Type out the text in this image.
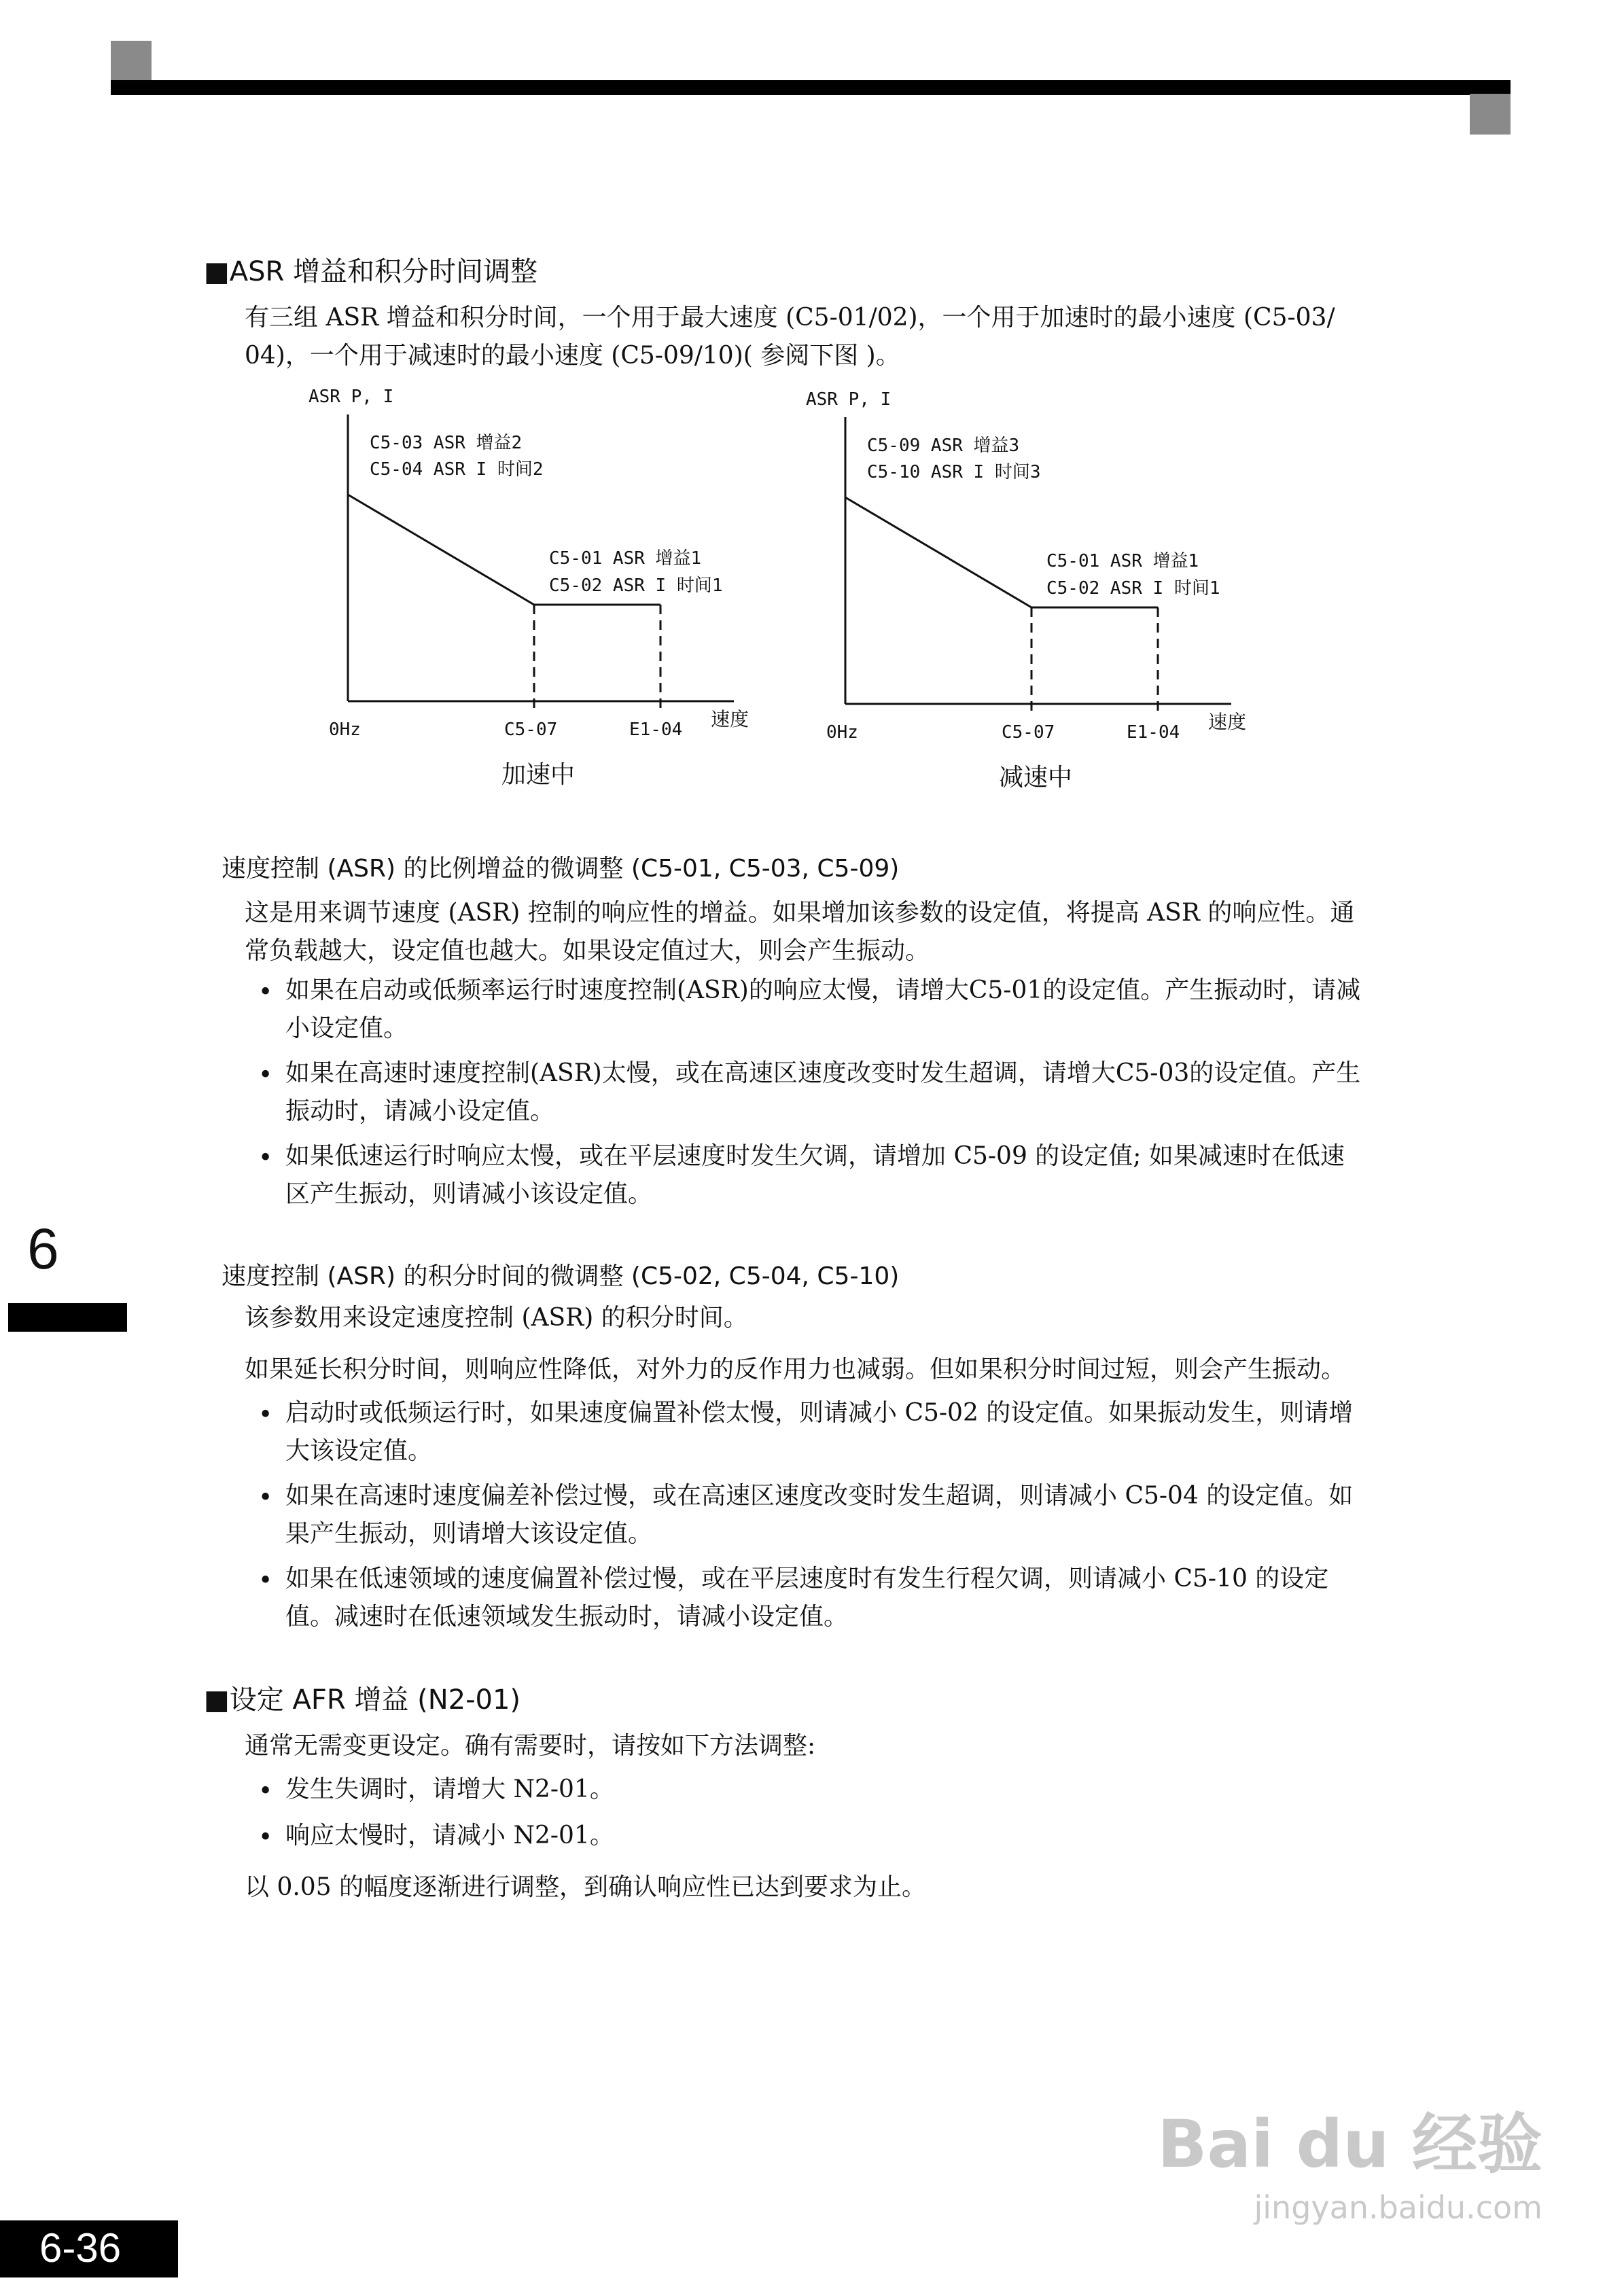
■ASR 增益和积分时间调整
有三组 ASR 增益和积分时间，一个用于最大速度 (C5-01/02)，一个用于加速时的最小速度 (C5-03/
04)，一个用于减速时的最小速度 (C5-09/10)( 参阅下图 )。
ASR P, I
C5-03 ASR 增益2
C5-04 ASR I 时间2
C5-01 ASR 增益1
C5-02 ASR I 时间1
0Hz	C5-07	E1-04 速度
加速中
ASR P, I
C5-09 ASR 增益3
C5-10 ASR I 时间3
C5-01 ASR 增益1
C5-02 ASR I 时间1
0Hz	C5-07	E1-04 速度
减速中
速度控制 (ASR) 的比例增益的微调整 (C5-01, C5-03, C5-09)
这是用来调节速度 (ASR) 控制的响应性的增益。如果增加该参数的设定值，将提高 ASR 的响应性。通
常负载越大，设定值也越大。如果设定值过大，则会产生振动。
• 如果在启动或低频率运行时速度控制(ASR)的响应太慢，请增大C5-01的设定值。产生振动时，请减
小设定值。
• 如果在高速时速度控制(ASR)太慢，或在高速区速度改变时发生超调，请增大C5-03的设定值。产生
振动时，请减小设定值。
• 如果低速运行时响应太慢，或在平层速度时发生欠调，请增加 C5-09 的设定值; 如果减速时在低速
区产生振动，则请减小该设定值。
6	速度控制 (ASR) 的积分时间的微调整 (C5-02, C5-04, C5-10)
该参数用来设定速度控制 (ASR) 的积分时间。
如果延长积分时间，则响应性降低，对外力的反作用力也减弱。但如果积分时间过短，则会产生振动。
• 启动时或低频运行时，如果速度偏置补偿太慢，则请减小 C5-02 的设定值。如果振动发生，则请增
大该设定值。
• 如果在高速时速度偏差补偿过慢，或在高速区速度改变时发生超调，则请减小 C5-04 的设定值。如
果产生振动，则请增大该设定值。
• 如果在低速领域的速度偏置补偿过慢，或在平层速度时有发生行程欠调，则请减小 C5-10 的设定
值。减速时在低速领域发生振动时，请减小设定值。
■设定 AFR 增益 (N2-01)
通常无需变更设定。确有需要时，请按如下方法调整:
• 发生失调时，请增大 N2-01。
• 响应太慢时，请减小 N2-01。
以 0.05 的幅度逐渐进行调整，到确认响应性已达到要求为止。
6-36
Bai du 经验
jingyan.baidu.com
